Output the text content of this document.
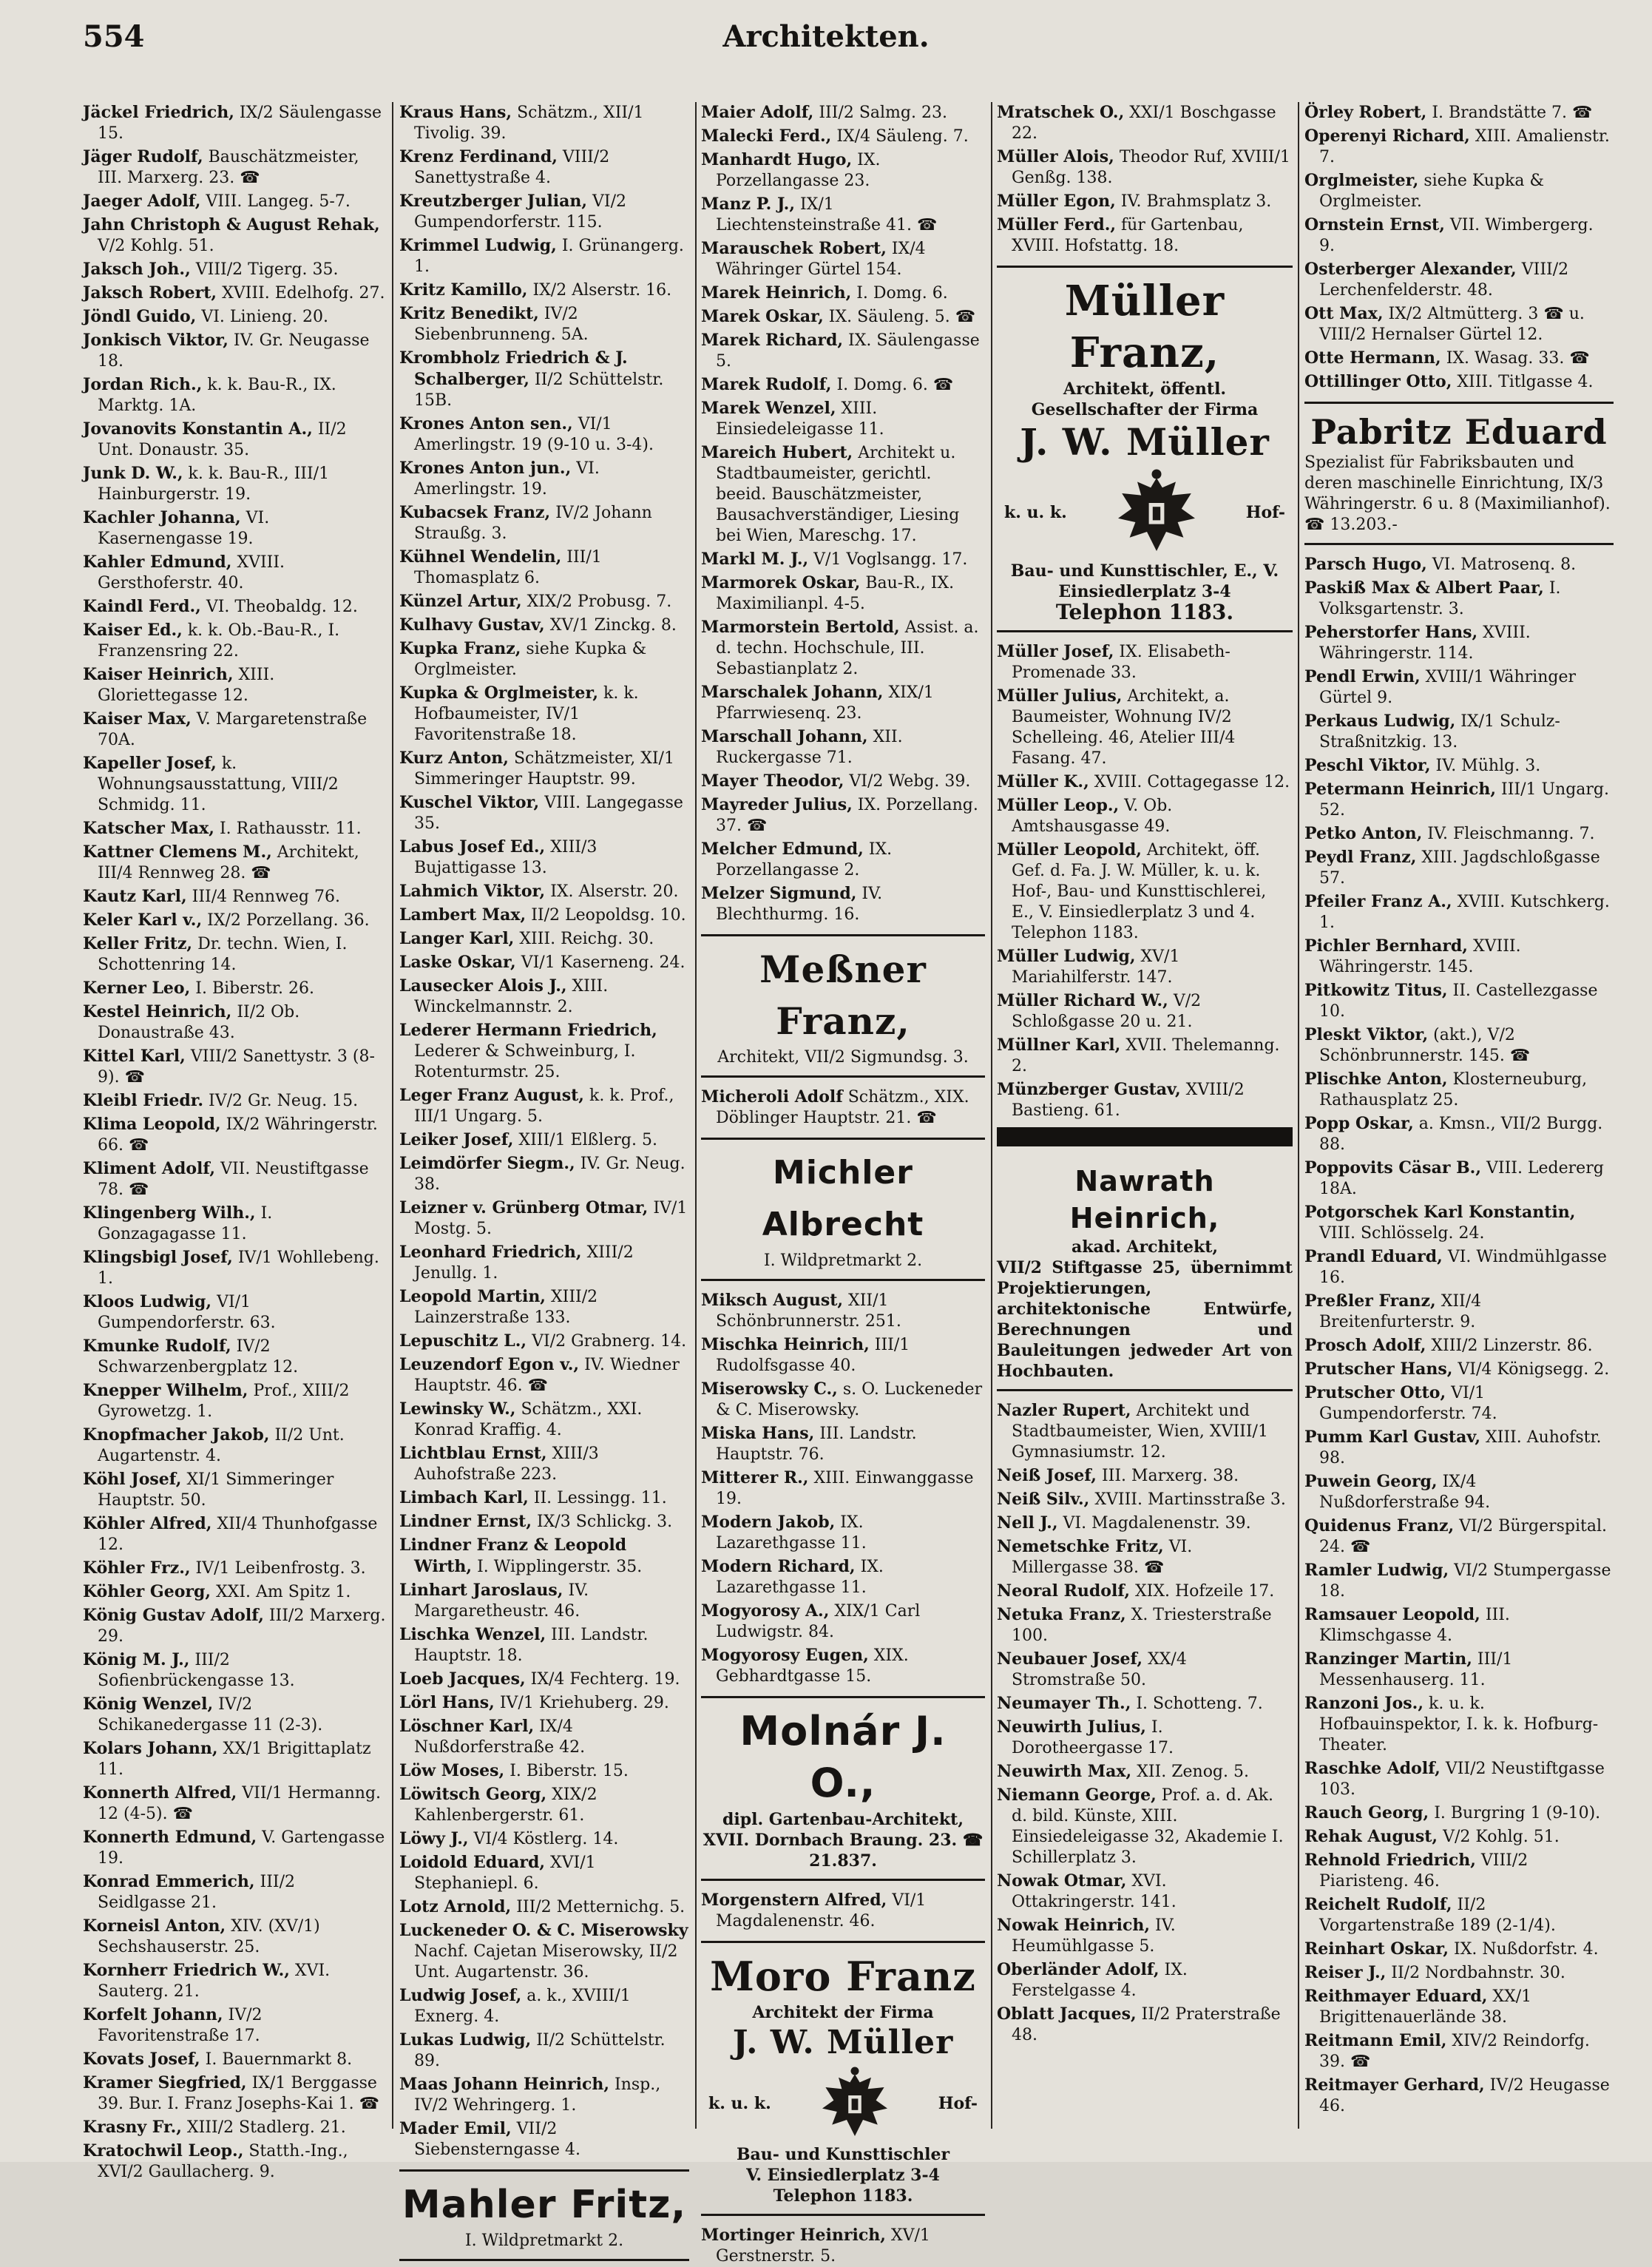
554	Architekten.

Jäckel Friedrich, IX/2 Säulengasse 15.

Jäger Rudolf, Bauschätzmeister, III. Marxerg. 23. ☎

Jaeger Adolf, VIII. Langeg. 5-7.

Jahn Christoph & August Rehak, V/2 Kohlg. 51.

Jaksch Joh., VIII/2 Tigerg. 35.

Jaksch Robert, XVIII. Edelhofg. 27.

Jöndl Guido, VI. Linieng. 20.

Jonkisch Viktor, IV. Gr. Neugasse 18.

Jordan Rich., k. k. Bau-R., IX. Marktg. 1A.

Jovanovits Konstantin A., II/2 Unt. Donaustr. 35.

Junk D. W., k. k. Bau-R., III/1 Hainburgerstr. 19.

Kachler Johanna, VI. Kasernengasse 19.

Kahler Edmund, XVIII. Gersthoferstr. 40.

Kaindl Ferd., VI. Theobaldg. 12.

Kaiser Ed., k. k. Ob.-Bau-R., I. Franzensring 22.

Kaiser Heinrich, XIII. Gloriettegasse 12.

Kaiser Max, V. Margaretenstraße 70A.

Kapeller Josef, k. Wohnungsausstattung, VIII/2 Schmidg. 11.

Katscher Max, I. Rathausstr. 11.

Kattner Clemens M., Architekt, III/4 Rennweg 28. ☎

Kautz Karl, III/4 Rennweg 76.

Keler Karl v., IX/2 Porzellang. 36.

Keller Fritz, Dr. techn. Wien, I. Schottenring 14.

Kerner Leo, I. Biberstr. 26.

Kestel Heinrich, II/2 Ob. Donaustraße 43.

Kittel Karl, VIII/2 Sanettystr. 3 (8-9). ☎

Kleibl Friedr. IV/2 Gr. Neug. 15.

Klima Leopold, IX/2 Währingerstr. 66. ☎

Kliment Adolf, VII. Neustiftgasse 78. ☎

Klingenberg Wilh., I. Gonzagagasse 11.

Klingsbigl Josef, IV/1 Wohllebeng. 1.

Kloos Ludwig, VI/1 Gumpendorferstr. 63.

Kmunke Rudolf, IV/2 Schwarzenbergplatz 12.

Knepper Wilhelm, Prof., XIII/2 Gyrowetzg. 1.

Knopfmacher Jakob, II/2 Unt. Augartenstr. 4.

Köhl Josef, XI/1 Simmeringer Hauptstr. 50.

Köhler Alfred, XII/4 Thunhofgasse 12.

Köhler Frz., IV/1 Leibenfrostg. 3.

Köhler Georg, XXI. Am Spitz 1.

König Gustav Adolf, III/2 Marxerg. 29.

König M. J., III/2 Sofienbrückengasse 13.

König Wenzel, IV/2 Schikanedergasse 11 (2-3).

Kolars Johann, XX/1 Brigittaplatz 11.

Konnerth Alfred, VII/1 Hermanng. 12 (4-5). ☎

Konnerth Edmund, V. Gartengasse 19.

Konrad Emmerich, III/2 Seidlgasse 21.

Korneisl Anton, XIV. (XV/1) Sechshauserstr. 25.

Kornherr Friedrich W., XVI. Sauterg. 21.

Korfelt Johann, IV/2 Favoritenstraße 17.

Kovats Josef, I. Bauernmarkt 8.

Kramer Siegfried, IX/1 Berggasse 39. Bur. I. Franz Josephs-Kai 1. ☎

Krasny Fr., XIII/2 Stadlerg. 21.

Kratochwil Leop., Statth.-Ing., XVI/2 Gaullacherg. 9.

Kraus Hans, Schätzm., XII/1 Tivolig. 39.

Krenz Ferdinand, VIII/2 Sanettystraße 4.

Kreutzberger Julian, VI/2 Gumpendorferstr. 115.

Krimmel Ludwig, I. Grünangerg. 1.

Kritz Kamillo, IX/2 Alserstr. 16.

Kritz Benedikt, IV/2 Siebenbrunneng. 5A.

Krombholz Friedrich & J. Schalberger, II/2 Schüttelstr. 15B.

Krones Anton sen., VI/1 Amerlingstr. 19 (9-10 u. 3-4).

Krones Anton jun., VI. Amerlingstr. 19.

Kubacsek Franz, IV/2 Johann Straußg. 3.

Kühnel Wendelin, III/1 Thomasplatz 6.

Künzel Artur, XIX/2 Probusg. 7.

Kulhavy Gustav, XV/1 Zinckg. 8.

Kupka Franz, siehe Kupka & Orglmeister.

Kupka & Orglmeister, k. k. Hofbaumeister, IV/1 Favoritenstraße 18.

Kurz Anton, Schätzmeister, XI/1 Simmeringer Hauptstr. 99.

Kuschel Viktor, VIII. Langegasse 35.

Labus Josef Ed., XIII/3 Bujattigasse 13.

Lahmich Viktor, IX. Alserstr. 20.

Lambert Max, II/2 Leopoldsg. 10.

Langer Karl, XIII. Reichg. 30.

Laske Oskar, VI/1 Kaserneng. 24.

Lausecker Alois J., XIII. Winckelmannstr. 2.

Lederer Hermann Friedrich, Lederer & Schweinburg, I. Rotenturmstr. 25.

Leger Franz August, k. k. Prof., III/1 Ungarg. 5.

Leiker Josef, XIII/1 Elßlerg. 5.

Leimdörfer Siegm., IV. Gr. Neug. 38.

Leizner v. Grünberg Otmar, IV/1 Mostg. 5.

Leonhard Friedrich, XIII/2 Jenullg. 1.

Leopold Martin, XIII/2 Lainzerstraße 133.

Lepuschitz L., VI/2 Grabnerg. 14.

Leuzendorf Egon v., IV. Wiedner Hauptstr. 46. ☎

Lewinsky W., Schätzm., XXI. Konrad Kraffig. 4.

Lichtblau Ernst, XIII/3 Auhofstraße 223.

Limbach Karl, II. Lessingg. 11.

Lindner Ernst, IX/3 Schlickg. 3.

Lindner Franz & Leopold Wirth, I. Wipplingerstr. 35.

Linhart Jaroslaus, IV. Margaretheustr. 46.

Lischka Wenzel, III. Landstr. Hauptstr. 18.

Loeb Jacques, IX/4 Fechterg. 19.

Lörl Hans, IV/1 Kriehuberg. 29.

Löschner Karl, IX/4 Nußdorferstraße 42.

Löw Moses, I. Biberstr. 15.

Löwitsch Georg, XIX/2 Kahlenbergerstr. 61.

Löwy J., VI/4 Köstlerg. 14.

Loidold Eduard, XVI/1 Stephaniepl. 6.

Lotz Arnold, III/2 Metternichg. 5.

Luckeneder O. & C. Miserowsky Nachf. Cajetan Miserowsky, II/2 Unt. Augartenstr. 36.

Ludwig Josef, a. k., XVIII/1 Exnerg. 4.

Lukas Ludwig, II/2 Schüttelstr. 89.

Maas Johann Heinrich, Insp., IV/2 Wehringerg. 1.

Mader Emil, VII/2 Siebensterngasse 4.

Mahler Fritz,
I. Wildpretmarkt 2.

Maier Adolf, III/2 Salmg. 23.

Malecki Ferd., IX/4 Säuleng. 7.

Manhardt Hugo, IX. Porzellangasse 23.

Manz P. J., IX/1 Liechtensteinstraße 41. ☎

Marauschek Robert, IX/4 Währinger Gürtel 154.

Marek Heinrich, I. Domg. 6.

Marek Oskar, IX. Säuleng. 5. ☎

Marek Richard, IX. Säulengasse 5.

Marek Rudolf, I. Domg. 6. ☎

Marek Wenzel, XIII. Einsiedeleigasse 11.

Mareich Hubert, Architekt u. Stadtbaumeister, gerichtl. beeid. Bauschätzmeister, Bausachverständiger, Liesing bei Wien, Mareschg. 17.

Markl M. J., V/1 Voglsangg. 17.

Marmorek Oskar, Bau-R., IX. Maximilianpl. 4-5.

Marmorstein Bertold, Assist. a. d. techn. Hochschule, III. Sebastianplatz 2.

Marschalek Johann, XIX/1 Pfarrwiesenq. 23.

Marschall Johann, XII. Ruckergasse 71.

Mayer Theodor, VI/2 Webg. 39.

Mayreder Julius, IX. Porzellang. 37. ☎

Melcher Edmund, IX. Porzellangasse 2.

Melzer Sigmund, IV. Blechthurmg. 16.

Meßner Franz,
Architekt, VII/2 Sigmundsg. 3.

Micheroli Adolf Schätzm., XIX. Döblinger Hauptstr. 21. ☎

Michler Albrecht
I. Wildpretmarkt 2.

Miksch August, XII/1 Schönbrunnerstr. 251.

Mischka Heinrich, III/1 Rudolfsgasse 40.

Miserowsky C., s. O. Luckeneder & C. Miserowsky.

Miska Hans, III. Landstr. Hauptstr. 76.

Mitterer R., XIII. Einwanggasse 19.

Modern Jakob, IX. Lazarethgasse 11.

Modern Richard, IX. Lazarethgasse 11.

Mogyorosy A., XIX/1 Carl Ludwigstr. 84.

Mogyorosy Eugen, XIX. Gebhardtgasse 15.

Molnár J. O.,
dipl. Gartenbau-Architekt, XVII. Dornbach Braung. 23. ☎ 21.837.

Morgenstern Alfred, VI/1 Magdalenenstr. 46.

Moro Franz
Architekt der Firma
J. W. Müller
k. u. k.	Hof-
Bau- und Kunsttischler
V. Einsiedlerplatz 3-4
Telephon 1183.

Mortinger Heinrich, XV/1 Gerstnerstr. 5.

Mratschek O., XXI/1 Boschgasse 22.

Müller Alois, Theodor Ruf, XVIII/1 Genßg. 138.

Müller Egon, IV. Brahmsplatz 3.

Müller Ferd., für Gartenbau, XVIII. Hofstattg. 18.

Müller Franz,
Architekt, öffentl. Gesellschafter der Firma
J. W. Müller
k. u. k.	Hof-
Bau- und Kunsttischler, E., V. Einsiedlerplatz 3-4
Telephon 1183.

Müller Josef, IX. Elisabeth-Promenade 33.

Müller Julius, Architekt, a. Baumeister, Wohnung IV/2 Schelleing. 46, Atelier III/4 Fasang. 47.

Müller K., XVIII. Cottagegasse 12.

Müller Leop., V. Ob. Amtshausgasse 49.

Müller Leopold, Architekt, öff. Gef. d. Fa. J. W. Müller, k. u. k. Hof-, Bau- und Kunsttischlerei, E., V. Einsiedlerplatz 3 und 4. Telephon 1183.

Müller Ludwig, XV/1 Mariahilferstr. 147.

Müller Richard W., V/2 Schloßgasse 20 u. 21.

Müllner Karl, XVII. Thelemanng. 2.

Münzberger Gustav, XVIII/2 Bastieng. 61.

Nawrath Heinrich,
akad. Architekt,
VII/2 Stiftgasse 25, übernimmt Projektierungen, architektonische Entwürfe, Berechnungen und Bauleitungen jedweder Art von Hochbauten.

Nazler Rupert, Architekt und Stadtbaumeister, Wien, XVIII/1 Gymnasiumstr. 12.

Neiß Josef, III. Marxerg. 38.

Neiß Silv., XVIII. Martinsstraße 3.

Nell J., VI. Magdalenenstr. 39.

Nemetschke Fritz, VI. Millergasse 38. ☎

Neoral Rudolf, XIX. Hofzeile 17.

Netuka Franz, X. Triesterstraße 100.

Neubauer Josef, XX/4 Stromstraße 50.

Neumayer Th., I. Schotteng. 7.

Neuwirth Julius, I. Dorotheergasse 17.

Neuwirth Max, XII. Zenog. 5.

Niemann George, Prof. a. d. Ak. d. bild. Künste, XIII. Einsiedeleigasse 32, Akademie I. Schillerplatz 3.

Nowak Otmar, XVI. Ottakringerstr. 141.

Nowak Heinrich, IV. Heumühlgasse 5.

Oberländer Adolf, IX. Ferstelgasse 4.

Oblatt Jacques, II/2 Praterstraße 48.

Örley Robert, I. Brandstätte 7. ☎

Operenyi Richard, XIII. Amalienstr. 7.

Orglmeister, siehe Kupka & Orglmeister.

Ornstein Ernst, VII. Wimbergerg. 9.

Osterberger Alexander, VIII/2 Lerchenfelderstr. 48.

Ott Max, IX/2 Altmütterg. 3 ☎ u. VIII/2 Hernalser Gürtel 12.

Otte Hermann, IX. Wasag. 33. ☎

Ottillinger Otto, XIII. Titlgasse 4.

Pabritz Eduard
Spezialist für Fabriksbauten und deren maschinelle Einrichtung, IX/3 Währingerstr. 6 u. 8 (Maximilianhof). ☎ 13.203.-

Parsch Hugo, VI. Matrosenq. 8.

Paskiß Max & Albert Paar, I. Volksgartenstr. 3.

Peherstorfer Hans, XVIII. Währingerstr. 114.

Pendl Erwin, XVIII/1 Währinger Gürtel 9.

Perkaus Ludwig, IX/1 Schulz-Straßnitzkig. 13.

Peschl Viktor, IV. Mühlg. 3.

Petermann Heinrich, III/1 Ungarg. 52.

Petko Anton, IV. Fleischmanng. 7.

Peydl Franz, XIII. Jagdschloßgasse 57.

Pfeiler Franz A., XVIII. Kutschkerg. 1.

Pichler Bernhard, XVIII. Währingerstr. 145.

Pitkowitz Titus, II. Castellezgasse 10.

Pleskt Viktor, (akt.), V/2 Schönbrunnerstr. 145. ☎

Plischke Anton, Klosterneuburg, Rathausplatz 25.

Popp Oskar, a. Kmsn., VII/2 Burgg. 88.

Poppovits Cäsar B., VIII. Ledererg 18A.

Potgorschek Karl Konstantin, VIII. Schlösselg. 24.

Prandl Eduard, VI. Windmühlgasse 16.

Preßler Franz, XII/4 Breitenfurterstr. 9.

Prosch Adolf, XIII/2 Linzerstr. 86.

Prutscher Hans, VI/4 Königsegg. 2.

Prutscher Otto, VI/1 Gumpendorferstr. 74.

Pumm Karl Gustav, XIII. Auhofstr. 98.

Puwein Georg, IX/4 Nußdorferstraße 94.

Quidenus Franz, VI/2 Bürgerspital. 24. ☎

Ramler Ludwig, VI/2 Stumpergasse 18.

Ramsauer Leopold, III. Klimschgasse 4.

Ranzinger Martin, III/1 Messenhauserg. 11.

Ranzoni Jos., k. u. k. Hofbauinspektor, I. k. k. Hofburg-Theater.

Raschke Adolf, VII/2 Neustiftgasse 103.

Rauch Georg, I. Burgring 1 (9-10).

Rehak August, V/2 Kohlg. 51.

Rehnold Friedrich, VIII/2 Piaristeng. 46.

Reichelt Rudolf, II/2 Vorgartenstraße 189 (2-1/4).

Reinhart Oskar, IX. Nußdorfstr. 4.

Reiser J., II/2 Nordbahnstr. 30.

Reithmayer Eduard, XX/1 Brigittenauerlände 38.

Reitmann Emil, XIV/2 Reindorfg. 39. ☎

Reitmayer Gerhard, IV/2 Heugasse 46.
